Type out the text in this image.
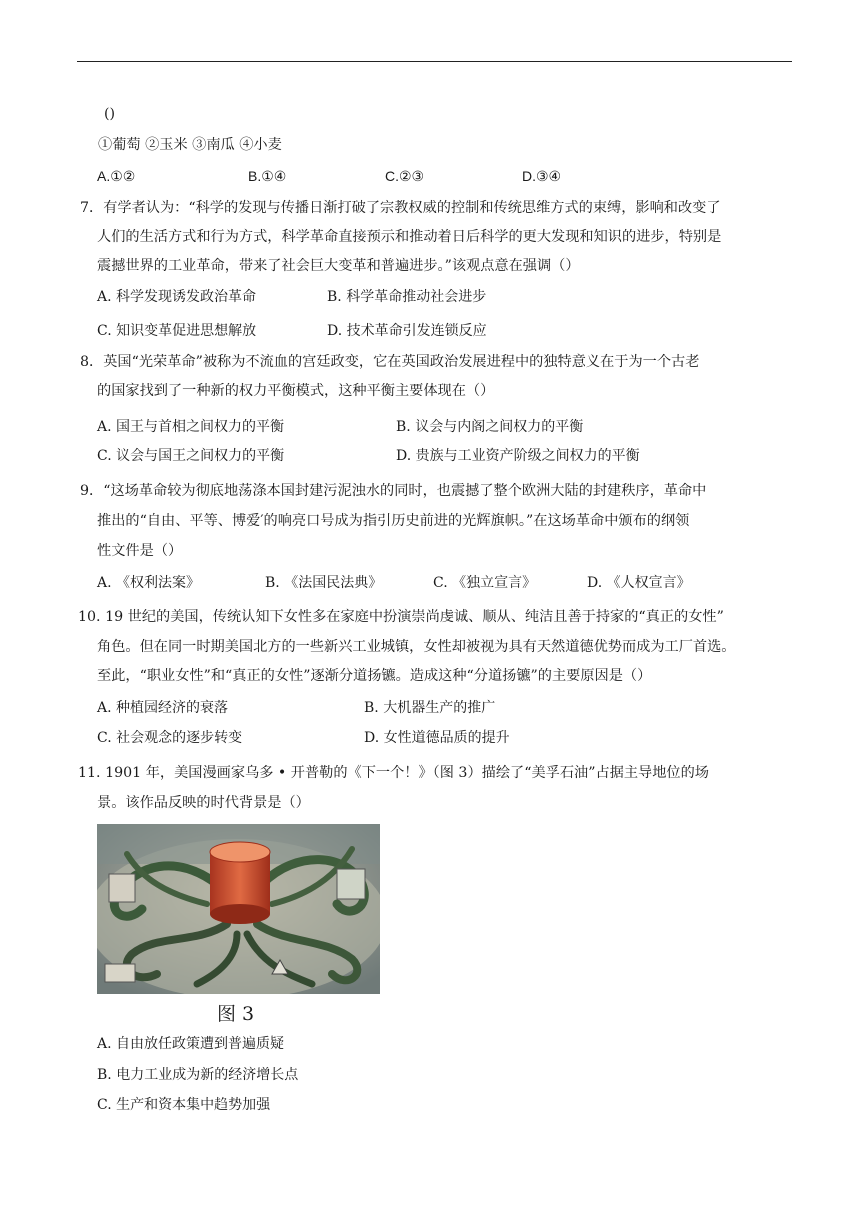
()
①葡萄 ②玉米 ③南瓜 ④小麦
A.①②	B.①④	C.②③	D.③④
7．有学者认为：“科学的发现与传播日渐打破了宗教权威的控制和传统思维方式的束缚，影响和改变了
人们的生活方式和行为方式，科学革命直接预示和推动着日后科学的更大发现和知识的进步，特别是
震撼世界的工业革命，带来了社会巨大变革和普遍进步。”该观点意在强调（）
A. 科学发现诱发政治革命	B. 科学革命推动社会进步
C. 知识变革促进思想解放	D. 技术革命引发连锁反应
8．英国“光荣革命”被称为不流血的宫廷政变，它在英国政治发展进程中的独特意义在于为一个古老
的国家找到了一种新的权力平衡模式，这种平衡主要体现在（）
A. 国王与首相之间权力的平衡	B. 议会与内阁之间权力的平衡
C. 议会与国王之间权力的平衡	D. 贵族与工业资产阶级之间权力的平衡
9．“这场革命较为彻底地荡涤本国封建污泥浊水的同时，也震撼了整个欧洲大陆的封建秩序，革命中
推出的“自由、平等、博爱′的响亮口号成为指引历史前进的光辉旗帜。”在这场革命中颁布的纲领
性文件是（）
A. 《权利法案》	B. 《法国民法典》	C. 《独立宣言》	D. 《人权宣言》
10. 19 世纪的美国，传统认知下女性多在家庭中扮演崇尚虔诚、顺从、纯洁且善于持家的“真正的女性”
角色。但在同一时期美国北方的一些新兴工业城镇，女性却被视为具有天然道德优势而成为工厂首选。
至此，“职业女性”和“真正的女性”逐渐分道扬镳。造成这种“分道扬镳”的主要原因是（）
A. 种植园经济的衰落	B. 大机器生产的推广
C. 社会观念的逐步转变	D. 女性道德品质的提升
11. 1901 年，美国漫画家乌多 • 开普勒的《下一个！》（图 3）描绘了“美孚石油”占据主导地位的场
景。该作品反映的时代背景是（）
图 3
A. 自由放任政策遭到普遍质疑
B. 电力工业成为新的经济增长点
C. 生产和资本集中趋势加强
